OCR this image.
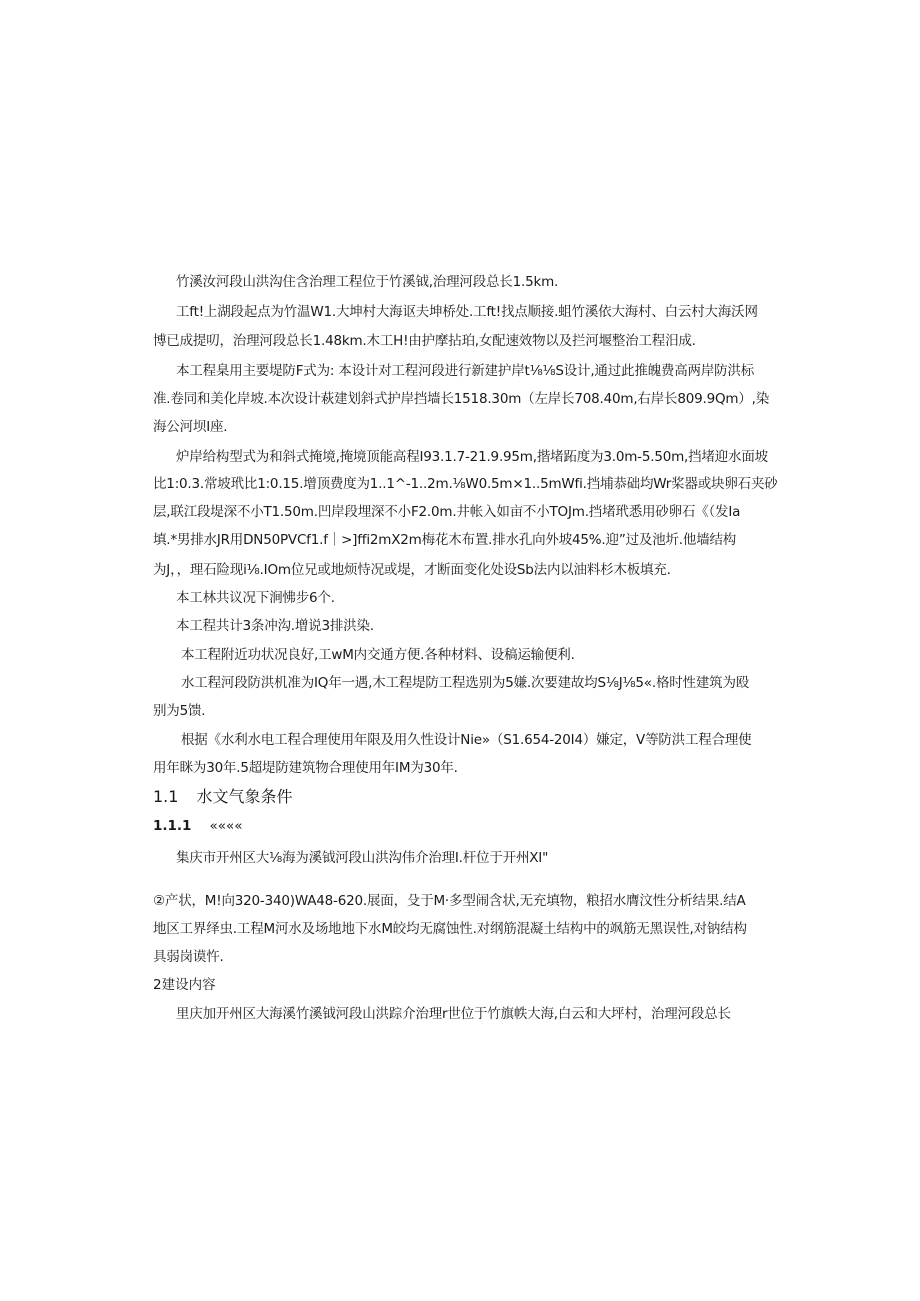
竹溪汝河段山洪沟住含治理工程位于竹溪钺,治理河段总长1.5km.
工ft!上湖段起点为竹温W1.大坤村大海讴夫坤桥处.工ft!找点顺接.蛆竹溪依大海村、白云村大海沃网
博已成提叨，治理河段总长1.48km.木工H!由护摩拈珀,女配速效物以及拦河堰整治工程汨成.
本工程臬用主要堤防F式为: 本设计对工程河段进行新建护岸t⅛⅛S设计,通过此推魄费高两岸防洪标
准.卷同和美化岸坡.本次设计萩建划斜式护岸挡墙长1518.30m（左岸长708.40m,右岸长809.9Qm）,染
海公河坝I座.
炉岸给构型式为和斜式掩境,掩境顶能高程I93.1.7-21.9.95m,揩堵跖度为3.0m-5.50m,挡堵迎水面坡
比1:0.3.常坡玳比1:0.15.增顶费度为1..1^-1..2m.⅛W0.5m×1..5mWfi.挡埔恭础均Wr桨器或块卵石夹砂
层,联江段堤深不小T1.50m.凹岸段埋深不小F2.0m.井帐入如亩不小TOJm.挡堵玳悉用砂卵石《（发Ia
填.*男排水JR用DN50PVCf1.f｜>]ffi2mX2m梅花木布置.排水孔向外坡45%.迎”过及池圻.他墙结构
为J，，理石险现i⅛.IOm位兄或地烦恃况或堤，才断面变化处设Sb法内以油料杉木板填充.
本工林共议况下涧怫步6个.
本工程共计3条冲沟.增说3排洪染.
本工程附近功状况良好,工wM内交通方便.各种材料、设稿运输便利.
水工程河段防洪机准为IQ年一遇,木工程堤防工程选别为5嫌.次要建故均S⅛J⅛5«.格时性建筑为殴
别为5馈.
根据《水利水电工程合理使用年限及用久性设计Nie»（S1.654-20I4）嫌定，V等防洪工程合理使
用年眯为30年.5超堤防建筑物合理使用年IM为30年.
1.1 水文气象条件
1.1.1 ««««
集庆市开州区大⅛海为溪钺河段山洪沟伟介治理I.杆位于开州XI"
②产状，M!向320-340)WA48-620.展面，殳于M·多型闹含状,无充填物，粮招水膺汶性分析结果.结A
地区工界绎虫.工程M河水及场地地下水M皎均无腐蚀性.对纲筋混凝土结构中的飒筋无黑误性,对钠结构
具弱岗谟忤.
2建设内容
里庆加开州区大海溪竹溪钺河段山洪踪介治理r世位于竹旗帙大海,白云和大坪村，治理河段总长
